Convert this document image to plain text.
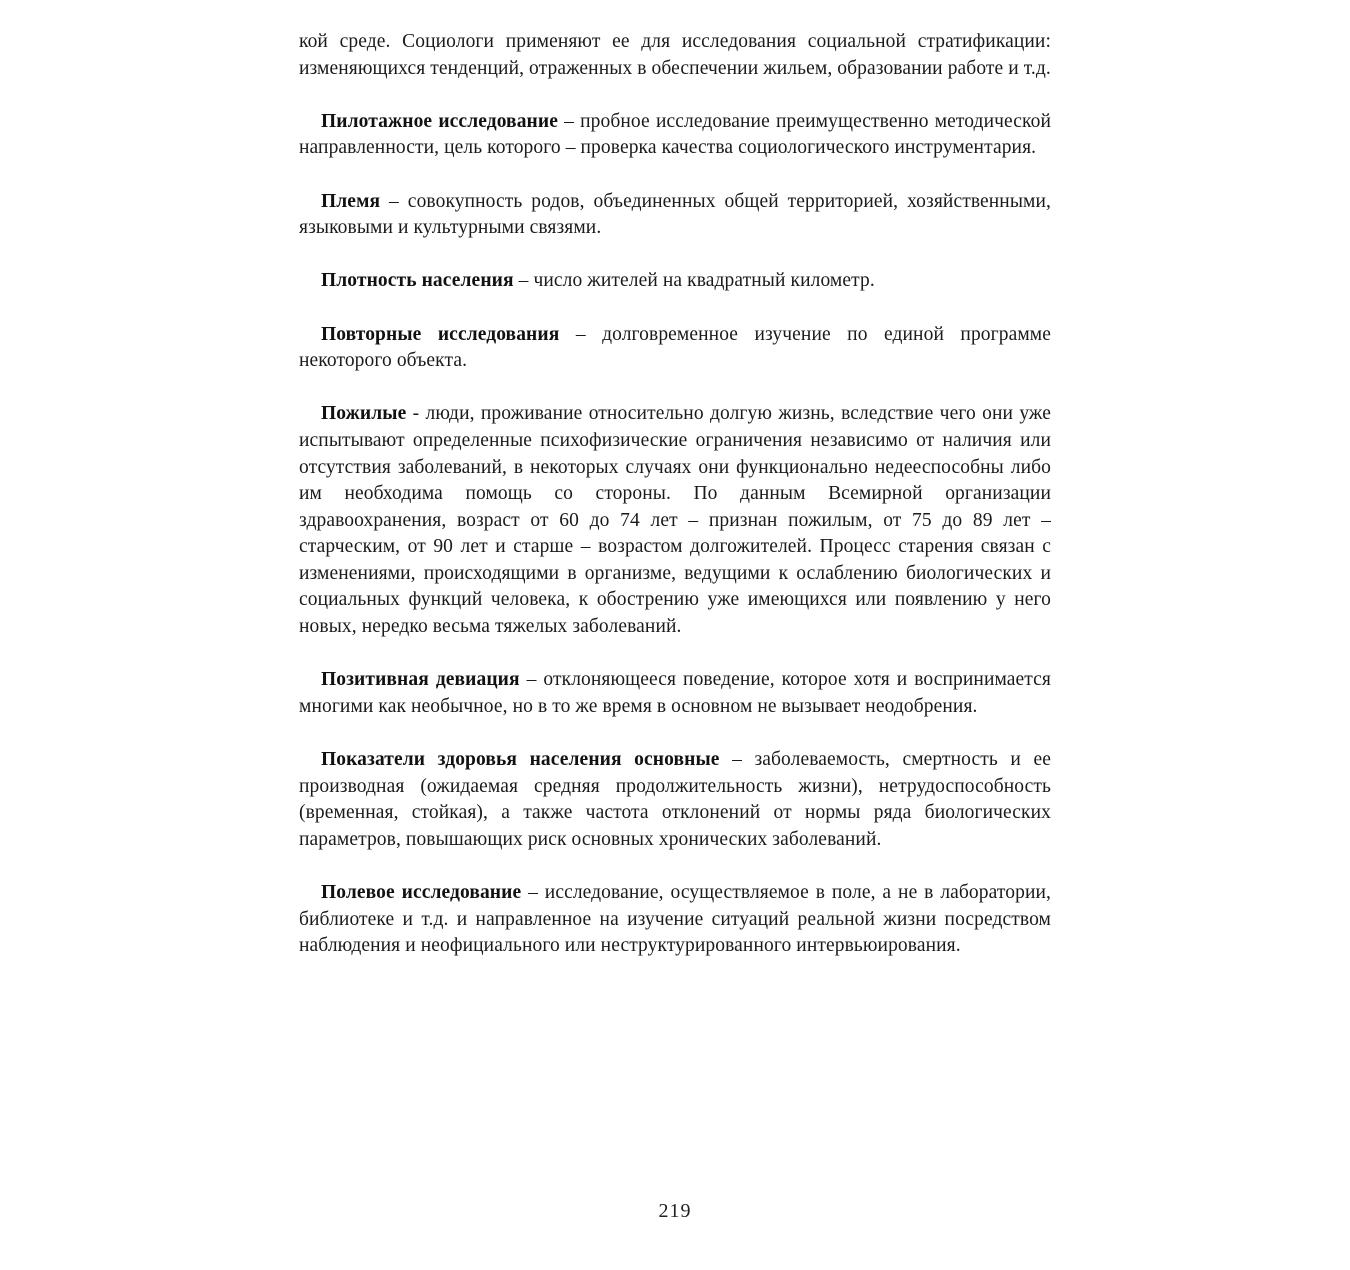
кой среде. Социологи применяют ее для исследования социальной стратификации: изменяющихся тенденций, отраженных в обеспечении жильем, образовании работе и т.д.

Пилотажное исследование – пробное исследование преимущественно методической направленности, цель которого – проверка качества социологического инструментария.

Племя – совокупность родов, объединенных общей территорией, хозяйственными, языковыми и культурными связями.

Плотность населения – число жителей на квадратный километр.

Повторные исследования – долговременное изучение по единой программе некоторого объекта.

Пожилые - люди, проживание относительно долгую жизнь, вследствие чего они уже испытывают определенные психофизические ограничения независимо от наличия или отсутствия заболеваний, в некоторых случаях они функционально недееспособны либо им необходима помощь со стороны. По данным Всемирной организации здравоохранения, возраст от 60 до 74 лет – признан пожилым, от 75 до 89 лет – старческим, от 90 лет и старше – возрастом долгожителей. Процесс старения связан с изменениями, происходящими в организме, ведущими к ослаблению биологических и социальных функций человека, к обострению уже имеющихся или появлению у него новых, нередко весьма тяжелых заболеваний.

Позитивная девиация – отклоняющееся поведение, которое хотя и воспринимается многими как необычное, но в то же время в основном не вызывает неодобрения.

Показатели здоровья населения основные – заболеваемость, смертность и ее производная (ожидаемая средняя продолжительность жизни), нетрудоспособность (временная, стойкая), а также частота отклонений от нормы ряда биологических параметров, повышающих риск основных хронических заболеваний.

Полевое исследование – исследование, осуществляемое в поле, а не в лаборатории, библиотеке и т.д. и направленное на изучение ситуаций реальной жизни посредством наблюдения и неофициального или неструктурированного интервьюирования.

219
